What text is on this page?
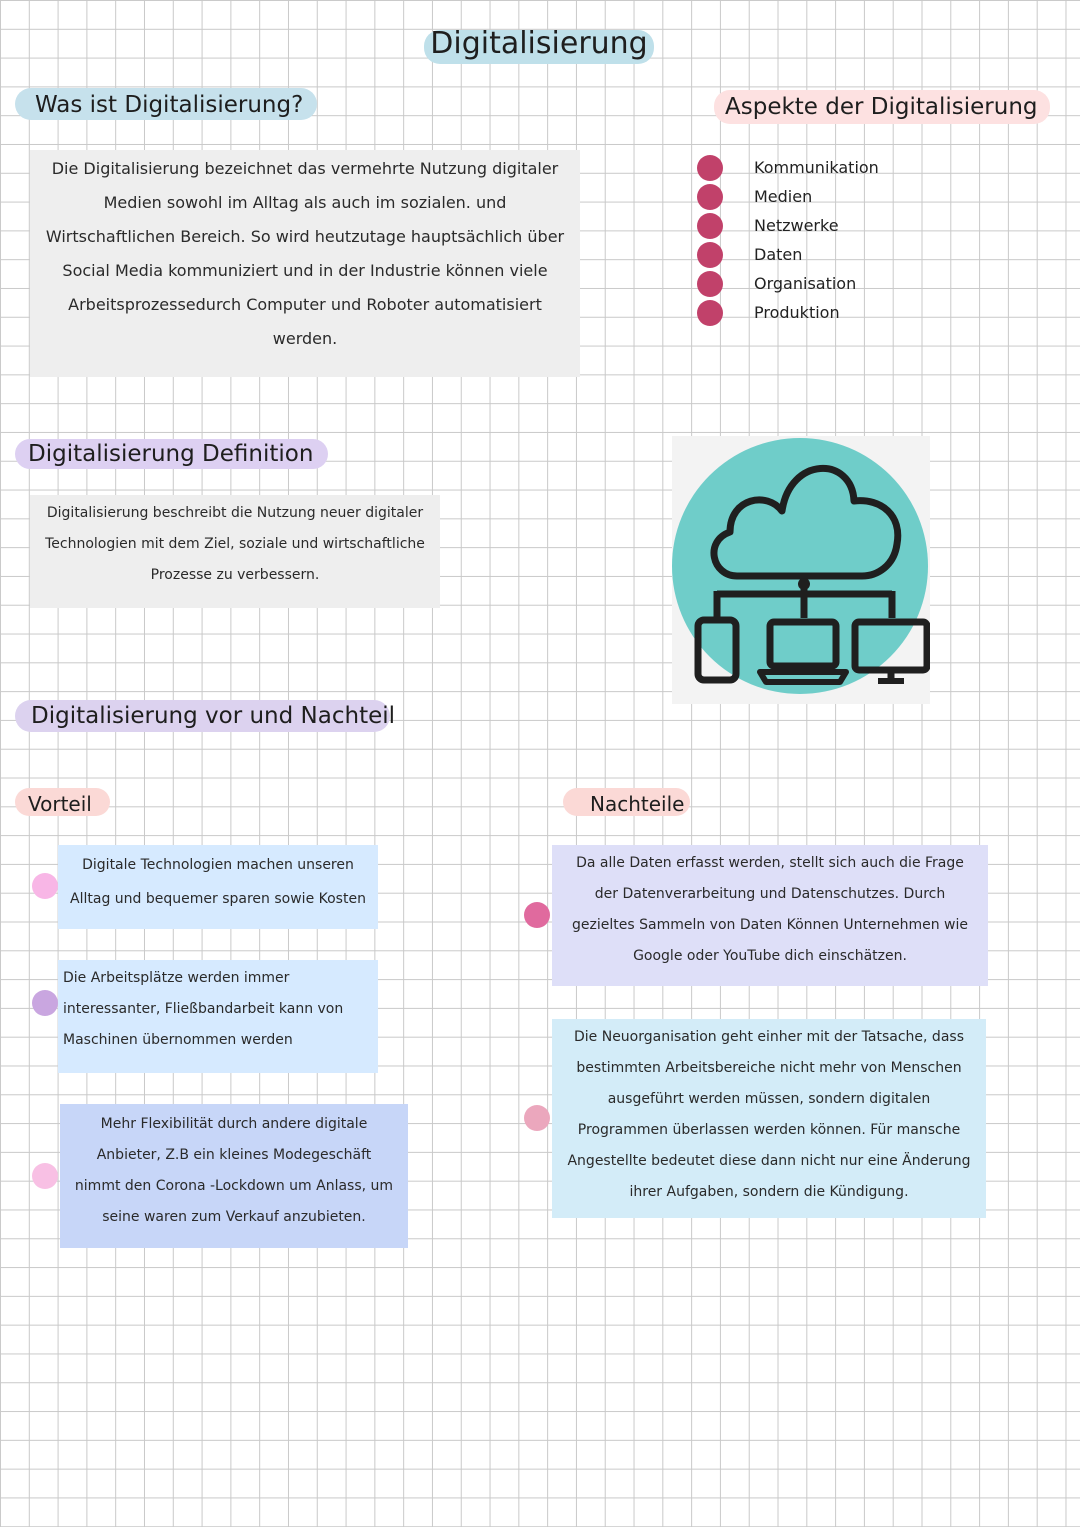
Digitalisierung
Was ist Digitalisierung?
Die Digitalisierung bezeichnet das vermehrte Nutzung digitaler
Medien sowohl im Alltag als auch im sozialen. und
Wirtschaftlichen Bereich. So wird heutzutage hauptsächlich über
Social Media kommuniziert und in der Industrie können viele
Arbeitsprozessedurch Computer und Roboter automatisiert
werden.
Aspekte der Digitalisierung
Kommunikation
Medien
Netzwerke
Daten
Organisation
Produktion
Digitalisierung Definition
Digitalisierung beschreibt die Nutzung neuer digitaler
Technologien mit dem Ziel, soziale und wirtschaftliche
Prozesse zu verbessern.
Digitalisierung vor und Nachteil
Vorteil	Nachteile
Digitale Technologien machen unseren
Alltag und bequemer sparen sowie Kosten
Die Arbeitsplätze werden immer
interessanter, Fließbandarbeit kann von
Maschinen übernommen werden
Mehr Flexibilität durch andere digitale
Anbieter, Z.B ein kleines Modegeschäft
nimmt den Corona -Lockdown um Anlass, um
seine waren zum Verkauf anzubieten.
Da alle Daten erfasst werden, stellt sich auch die Frage
der Datenverarbeitung und Datenschutzes. Durch
gezieltes Sammeln von Daten Können Unternehmen wie
Google oder YouTube dich einschätzen.
Die Neuorganisation geht einher mit der Tatsache, dass
bestimmten Arbeitsbereiche nicht mehr von Menschen
ausgeführt werden müssen, sondern digitalen
Programmen überlassen werden können. Für mansche
Angestellte bedeutet diese dann nicht nur eine Änderung
ihrer Aufgaben, sondern die Kündigung.
